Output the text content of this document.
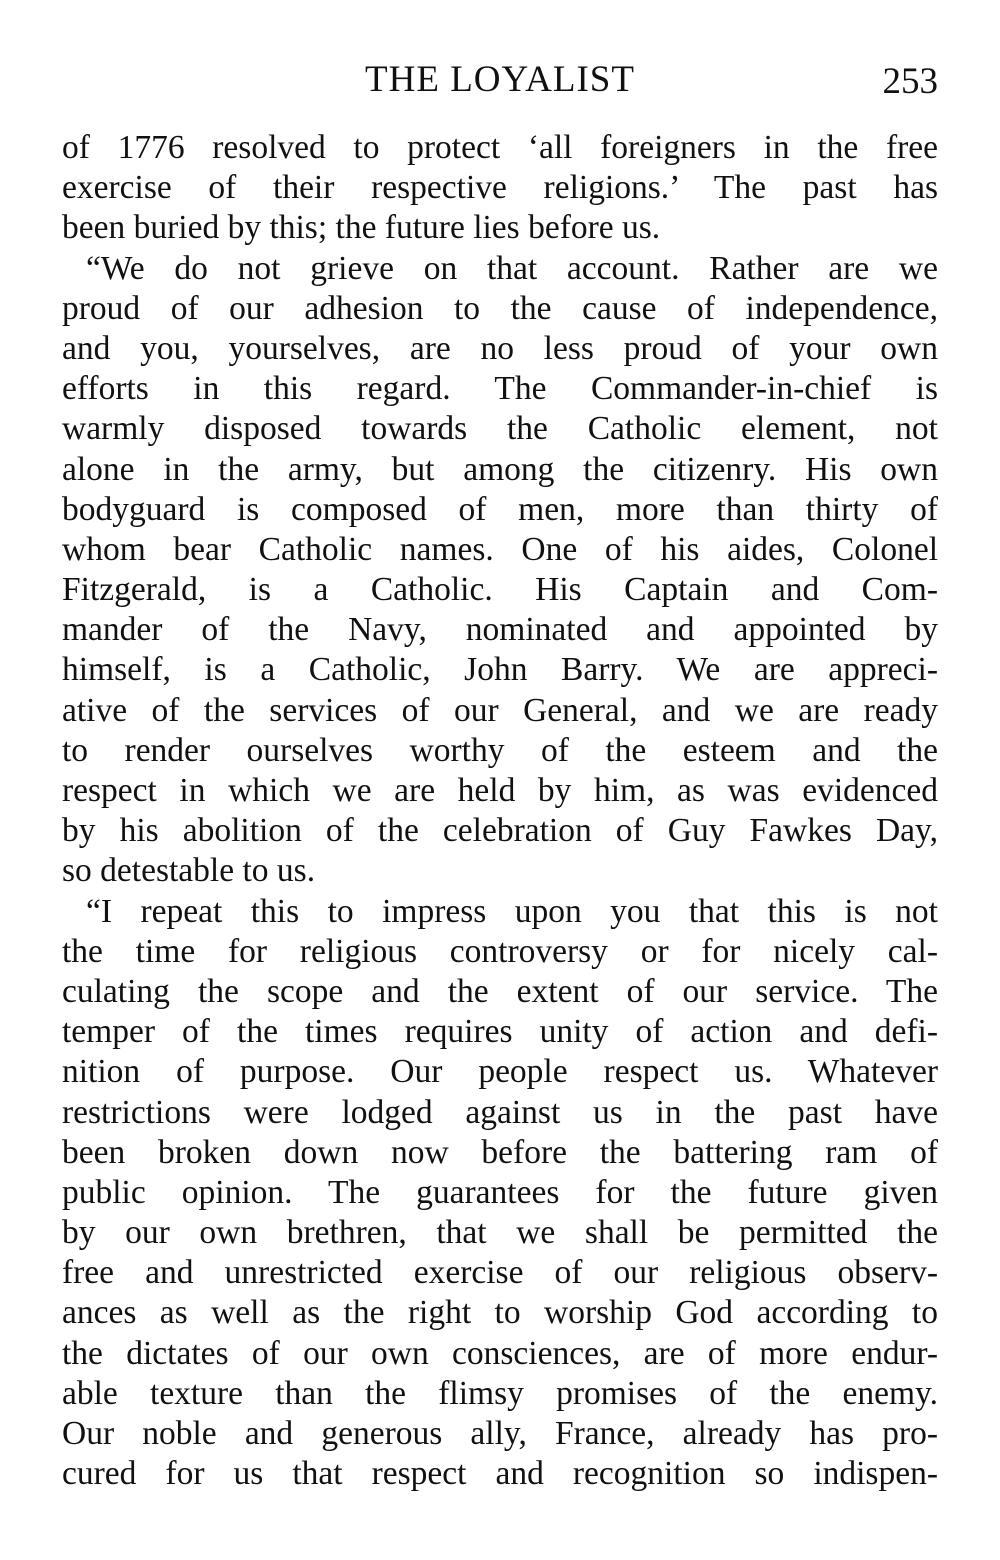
THE LOYALIST	253
of 1776 resolved to protect ‘all foreigners in the free
exercise of their respective religions.’ The past has
been buried by this; the future lies before us.
“We do not grieve on that account. Rather are we
proud of our adhesion to the cause of independence,
and you, yourselves, are no less proud of your own
efforts in this regard. The Commander-in-chief is
warmly disposed towards the Catholic element, not
alone in the army, but among the citizenry. His own
bodyguard is composed of men, more than thirty of
whom bear Catholic names. One of his aides, Colonel
Fitzgerald, is a Catholic. His Captain and Com-
mander of the Navy, nominated and appointed by
himself, is a Catholic, John Barry. We are appreci-
ative of the services of our General, and we are ready
to render ourselves worthy of the esteem and the
respect in which we are held by him, as was evidenced
by his abolition of the celebration of Guy Fawkes Day,
so detestable to us.
“I repeat this to impress upon you that this is not
the time for religious controversy or for nicely cal-
culating the scope and the extent of our service. The
temper of the times requires unity of action and defi-
nition of purpose. Our people respect us. Whatever
restrictions were lodged against us in the past have
been broken down now before the battering ram of
public opinion. The guarantees for the future given
by our own brethren, that we shall be permitted the
free and unrestricted exercise of our religious observ-
ances as well as the right to worship God according to
the dictates of our own consciences, are of more endur-
able texture than the flimsy promises of the enemy.
Our noble and generous ally, France, already has pro-
cured for us that respect and recognition so indispen-
